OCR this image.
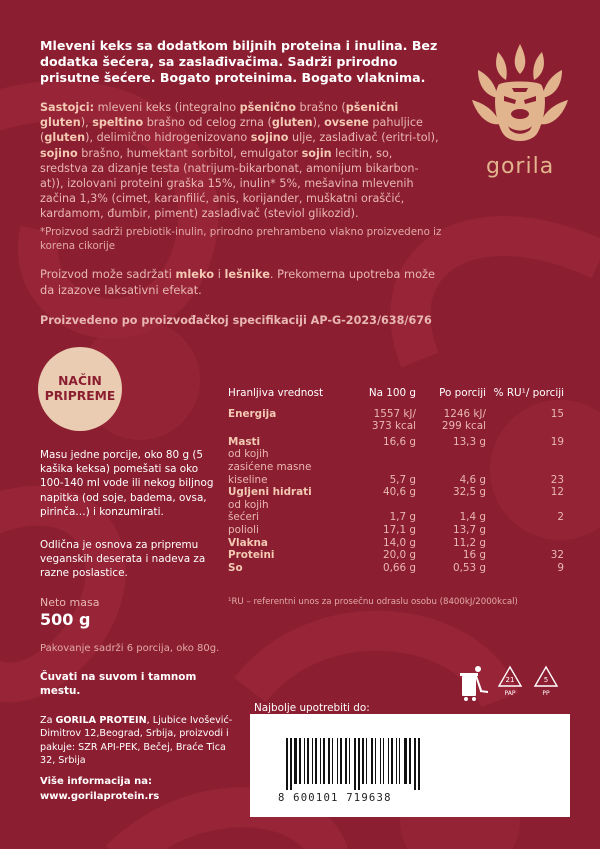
gorila
Mleveni keks sa dodatkom biljnih proteina i inulina. Bez dodatka šećera, sa zaslađivačima. Sadrži prirodno prisutne šećere. Bogato proteinima. Bogato vlaknima.
Sastojci: mleveni keks (integralno pšenično brašno (pšenični gluten), speltino brašno od celog zrna (gluten), ovsene pahuljice (gluten), delimično hidrogenizovano sojino ulje, zaslađivač (eritri-tol), sojino brašno, humektant sorbitol, emulgator sojin lecitin, so, sredstva za dizanje testa (natrijum-bikarbonat, amonijum bikarbon-at)), izolovani proteini graška 15%, inulin* 5%, mešavina mlevenih začina 1,3% (cimet, karanfilić, anis, korijander, muškatni oraščić, kardamom, đumbir, piment) zaslađivač (steviol glikozid).
*Proizvod sadrži prebiotik-inulin, prirodno prehrambeno vlakno proizvedeno iz korena cikorije
Proizvod može sadržati mleko i lešnike. Prekomerna upotreba može da izazove laksativni efekat.
Proizvedeno po proizvođačkoj specifikaciji AP-G-2023/638/676
NAČIN
PRIPREME
Masu jedne porcije, oko 80 g (5 kašika keksa) pomešati sa oko 100-140 ml vode ili nekog biljnog napitka (od soje, badema, ovsa, pirinča…) i konzumirati.
Odlična je osnova za pripremu veganskih deserata i nadeva za razne poslastice.
Neto masa
500 g
Pakovanje sadrži 6 porcija, oko 80g.
Čuvati na suvom i tamnom mestu.
Za GORILA PROTEIN, Ljubice Ivošević-Dimitrov 12,Beograd, Srbija, proizvodi i pakuje: SZR API-PEK, Bečej, Braće Tica 32, Srbija
Više informacija na:
www.gorilaprotein.rs
Hranljiva vrednost	Na 100 g	Po porciji	% RU¹/ porciji
Energija	1557 kJ/	1246 kJ/	15
	373 kcal	299 kcal	
Masti	16,6 g	13,3 g	19
od kojih			
zasićene masne			
kiseline	5,7 g	4,6 g	23
Ugljeni hidrati	40,6 g	32,5 g	12
od kojih			
šećeri	1,7 g	1,4 g	2
polioli	17,1 g	13,7 g	
Vlakna	14,0 g	11,2 g	
Proteini	20,0 g	16 g	32
So	0,66 g	0,53 g	9
¹RU – referentni unos za prosečnu odraslu osobu (8400kJ/2000kcal)
21
PAP
5
PP
Najbolje upotrebiti do:
8 600101 719638
